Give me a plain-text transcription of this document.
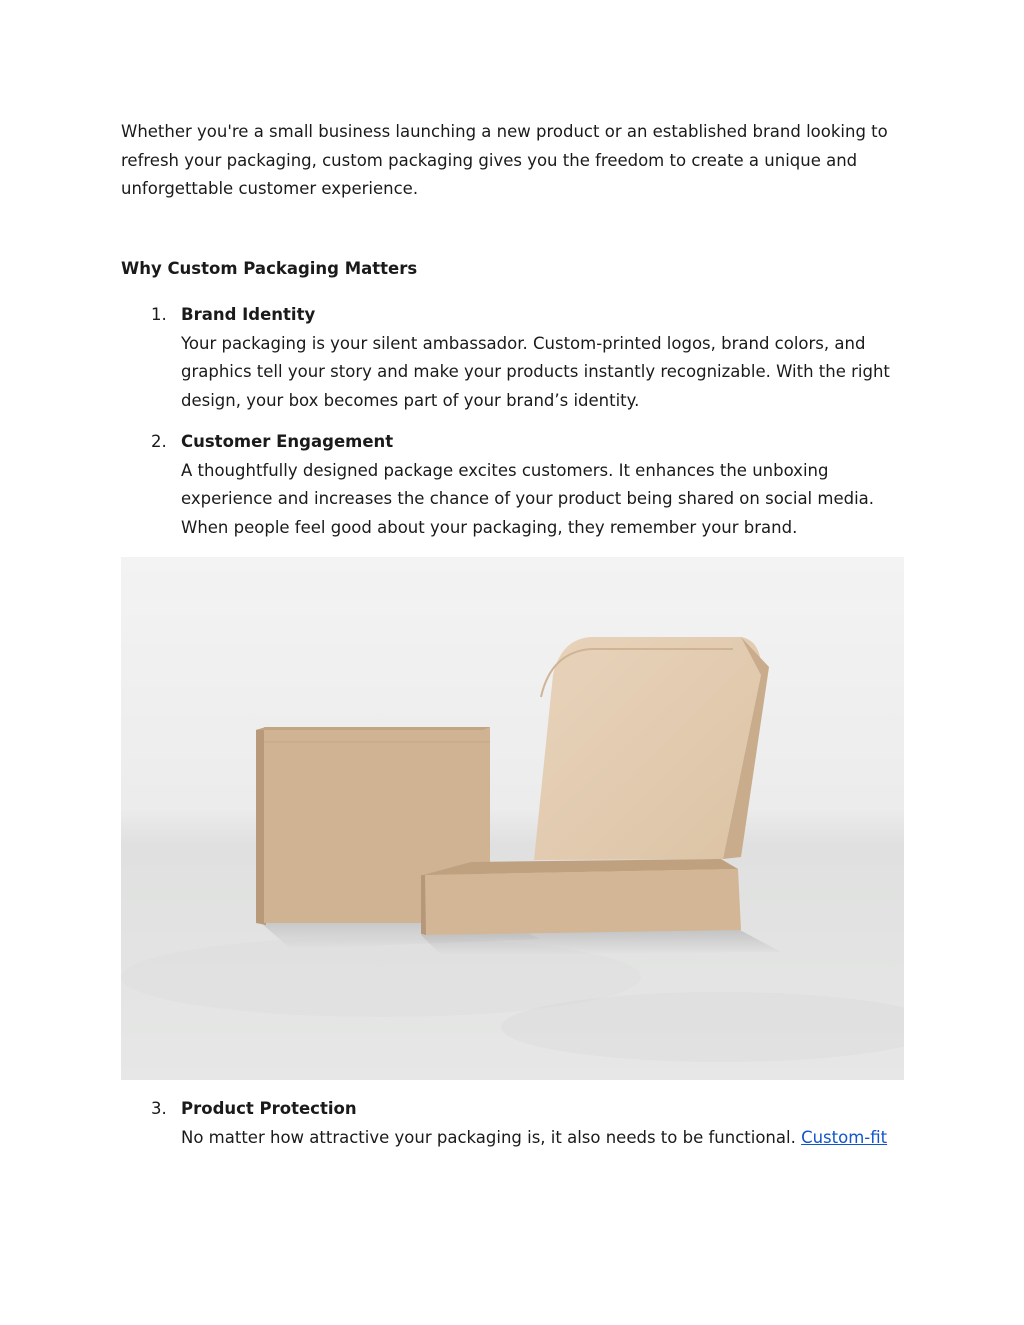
Whether you're a small business launching a new product or an established brand looking to refresh your packaging, custom packaging gives you the freedom to create a unique and unforgettable customer experience.

Why Custom Packaging Matters

1. Brand Identity
Your packaging is your silent ambassador. Custom-printed logos, brand colors, and graphics tell your story and make your products instantly recognizable. With the right design, your box becomes part of your brand’s identity.
2. Customer Engagement
A thoughtfully designed package excites customers. It enhances the unboxing experience and increases the chance of your product being shared on social media. When people feel good about your packaging, they remember your brand.
3. Product Protection
No matter how attractive your packaging is, it also needs to be functional. Custom-fit
